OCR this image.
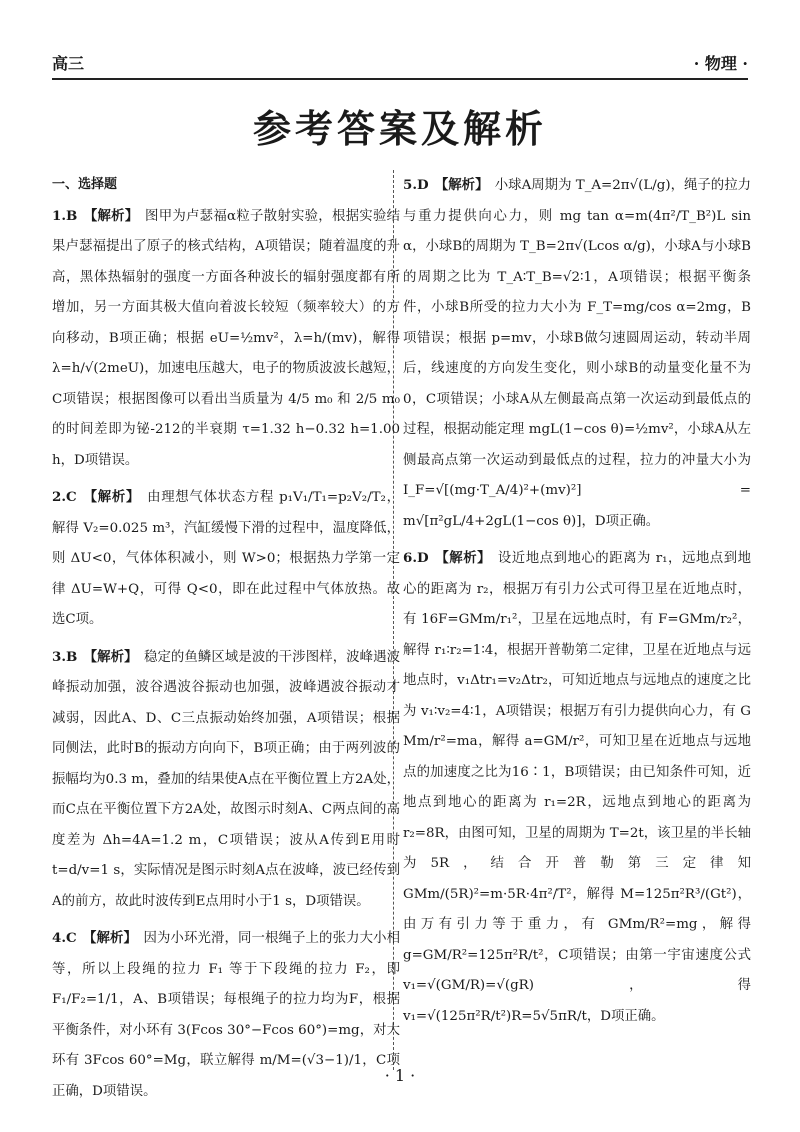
高三	· 物理 ·
参考答案及解析
一、选择题

1.B 【解析】 图甲为卢瑟福α粒子散射实验，根据实验结果卢瑟福提出了原子的核式结构，A项错误；随着温度的升高，黑体热辐射的强度一方面各种波长的辐射强度都有所增加，另一方面其极大值向着波长较短（频率较大）的方向移动，B项正确；根据 eU=½mv²，λ=h/(mv)，解得 λ=h/√(2meU)，加速电压越大，电子的物质波波长越短，C项错误；根据图像可以看出当质量为 4/5 m₀ 和 2/5 m₀ 的时间差即为铋-212的半衰期 τ=1.32 h−0.32 h=1.00 h，D项错误。

2.C 【解析】 由理想气体状态方程 p₁V₁/T₁=p₂V₂/T₂，解得 V₂=0.025 m³，汽缸缓慢下滑的过程中，温度降低，则 ΔU<0，气体体积减小，则 W>0；根据热力学第一定律 ΔU=W+Q，可得 Q<0，即在此过程中气体放热。故选C项。

3.B 【解析】 稳定的鱼鳞区域是波的干涉图样，波峰遇波峰振动加强，波谷遇波谷振动也加强，波峰遇波谷振动才减弱，因此A、D、C三点振动始终加强，A项错误；根据同侧法，此时B的振动方向向下，B项正确；由于两列波的振幅均为0.3 m，叠加的结果使A点在平衡位置上方2A处，而C点在平衡位置下方2A处，故图示时刻A、C两点间的高度差为 Δh=4A=1.2 m，C项错误；波从A传到E用时 t=d/v=1 s，实际情况是图示时刻A点在波峰，波已经传到A的前方，故此时波传到E点用时小于1 s，D项错误。

4.C 【解析】 因为小环光滑，同一根绳子上的张力大小相等，所以上段绳的拉力 F₁ 等于下段绳的拉力 F₂，即 F₁/F₂=1/1，A、B项错误；每根绳子的拉力均为F，根据平衡条件，对小环有 3(Fcos 30°−Fcos 60°)=mg，对大环有 3Fcos 60°=Mg，联立解得 m/M=(√3−1)/1，C项正确，D项错误。

5.D 【解析】 小球A周期为 T_A=2π√(L/g)，绳子的拉力与重力提供向心力，则 mg tan α=m(4π²/T_B²)L sin α，小球B的周期为 T_B=2π√(Lcos α/g)，小球A与小球B的周期之比为 T_A∶T_B=√2∶1，A项错误；根据平衡条件，小球B所受的拉力大小为 F_T=mg/cos α=2mg，B项错误；根据 p=mv，小球B做匀速圆周运动，转动半周后，线速度的方向发生变化，则小球B的动量变化量不为0，C项错误；小球A从左侧最高点第一次运动到最低点的过程，根据动能定理 mgL(1−cos θ)=½mv²，小球A从左侧最高点第一次运动到最低点的过程，拉力的冲量大小为 I_F=√[(mg·T_A/4)²+(mv)²] = m√[π²gL/4+2gL(1−cos θ)]，D项正确。

6.D 【解析】 设近地点到地心的距离为 r₁，远地点到地心的距离为 r₂，根据万有引力公式可得卫星在近地点时，有 16F=GMm/r₁²，卫星在远地点时，有 F=GMm/r₂²，解得 r₁∶r₂=1∶4，根据开普勒第二定律，卫星在近地点与远地点时，v₁Δtr₁=v₂Δtr₂，可知近地点与远地点的速度之比为 v₁∶v₂=4∶1，A项错误；根据万有引力提供向心力，有 G Mm/r²=ma，解得 a=GM/r²，可知卫星在近地点与远地点的加速度之比为16∶1，B项错误；由已知条件可知，近地点到地心的距离为 r₁=2R，远地点到地心的距离为 r₂=8R，由图可知，卫星的周期为 T=2t，该卫星的半长轴为5R，结合开普勒第三定律知 GMm/(5R)²=m·5R·4π²/T²，解得 M=125π²R³/(Gt²)，由万有引力等于重力，有 GMm/R²=mg，解得 g=GM/R²=125π²R/t²，C项错误；由第一宇宙速度公式 v₁=√(GM/R)=√(gR)，得 v₁=√(125π²R/t²)R=5√5πR/t，D项正确。

· 1 ·
